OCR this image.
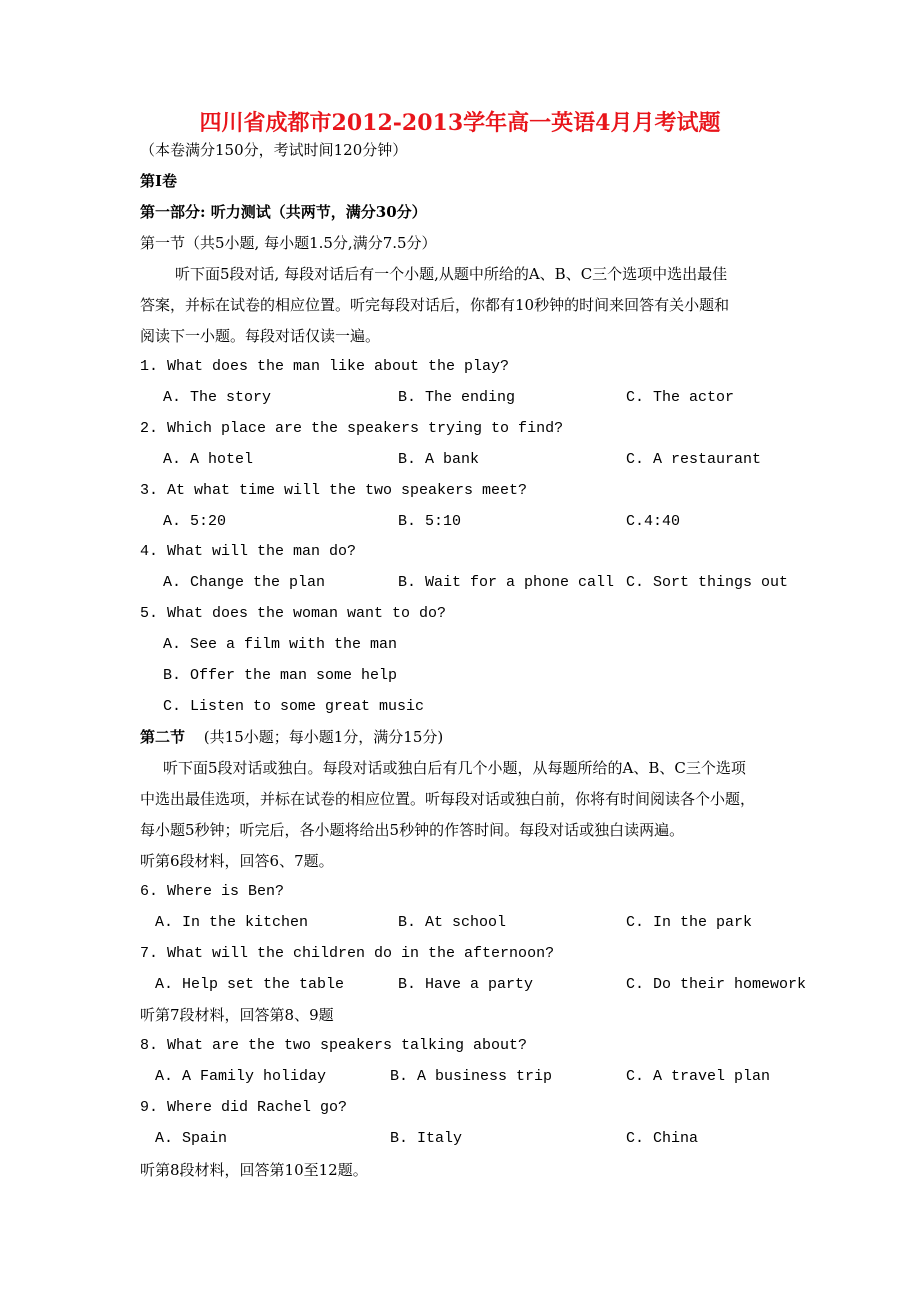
四川省成都市2012-2013学年高一英语4月月考试题
（本卷满分150分，考试时间120分钟）
第I卷
第一部分: 听力测试（共两节，满分30分）
第一节（共5小题, 每小题1.5分,满分7.5分）
听下面5段对话, 每段对话后有一个小题,从题中所给的A、B、C三个选项中选出最佳
答案，并标在试卷的相应位置。听完每段对话后，你都有10秒钟的时间来回答有关小题和
阅读下一小题。每段对话仅读一遍。
1. What does the man like about the play?
A. The story	B. The ending	C. The actor
2. Which place are the speakers trying to find?
A. A hotel	B. A bank	C. A restaurant
3. At what time will the two speakers meet?
A. 5:20	B. 5:10	C.4:40
4. What will the man do?
A. Change the plan	B. Wait for a phone call C. Sort things out
5. What does the woman want to do?
A. See a film with the man
B. Offer the man some help
C. Listen to some great music
第二节 (共15小题；每小题1分，满分15分)
听下面5段对话或独白。每段对话或独白后有几个小题，从每题所给的A、B、C三个选项
中选出最佳选项，并标在试卷的相应位置。听每段对话或独白前，你将有时间阅读各个小题，
每小题5秒钟；听完后，各小题将给出5秒钟的作答时间。每段对话或独白读两遍。
听第6段材料，回答6、7题。
6. Where is Ben?
A. In the kitchen	B. At school	C. In the park
7. What will the children do in the afternoon?
A. Help set the table	B. Have a party	C. Do their homework
听第7段材料，回答第8、9题
8. What are the two speakers talking about?
A. A Family holiday	B. A business trip	C. A travel plan
9. Where did Rachel go?
A. Spain	B. Italy	C. China
听第8段材料，回答第10至12题。
